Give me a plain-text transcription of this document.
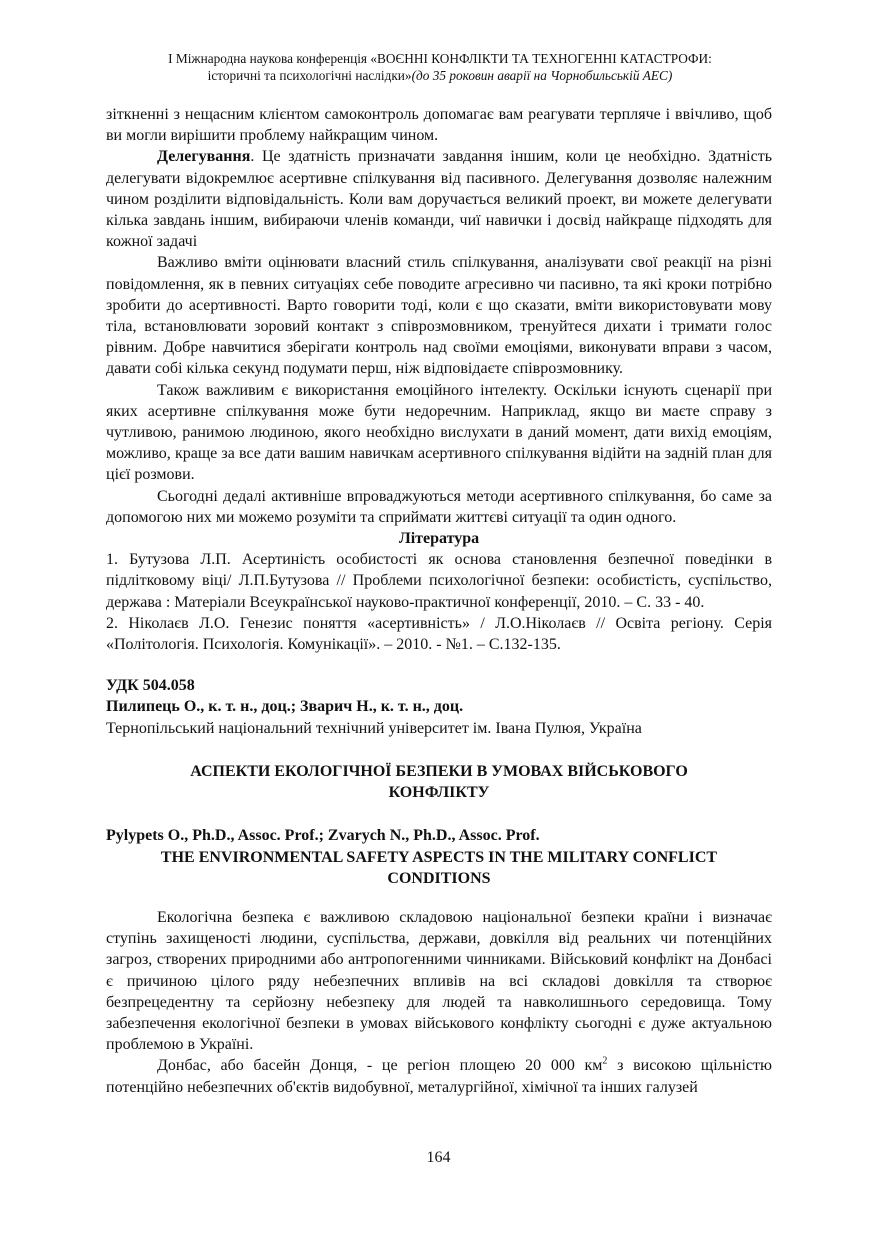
І Міжнародна наукова конференція «ВОЄННІ КОНФЛІКТИ ТА ТЕХНОГЕННІ КАТАСТРОФИ:
історичні та психологічні наслідки»(до 35 роковин аварії на Чорнобильській АЕС)

зіткненні з нещасним клієнтом самоконтроль допомагає вам реагувати терпляче і ввічливо, щоб ви могли вирішити проблему найкращим чином.

Делегування. Це здатність призначати завдання іншим, коли це необхідно. Здатність делегувати відокремлює асертивне спілкування від пасивного. Делегування дозволяє належним чином розділити відповідальність. Коли вам доручається великий проект, ви можете делегувати кілька завдань іншим, вибираючи членів команди, чиї навички і досвід найкраще підходять для кожної задачі

Важливо вміти оцінювати власний стиль спілкування, аналізувати свої реакції на різні повідомлення, як в певних ситуаціях себе поводите агресивно чи пасивно, та які кроки потрібно зробити до асертивності. Варто говорити тоді, коли є що сказати, вміти використовувати мову тіла, встановлювати зоровий контакт з співрозмовником, тренуйтеся дихати і тримати голос рівним. Добре навчитися зберігати контроль над своїми емоціями, виконувати вправи з часом, давати собі кілька секунд подумати перш, ніж відповідаєте співрозмовнику.

Також важливим є використання емоційного інтелекту. Оскільки існують сценарії при яких асертивне спілкування може бути недоречним. Наприклад, якщо ви маєте справу з чутливою, ранимою людиною, якого необхідно вислухати в даний момент, дати вихід емоціям, можливо, краще за все дати вашим навичкам асертивного спілкування відійти на задній план для цієї розмови.

Сьогодні дедалі активніше впроваджуються методи асертивного спілкування, бо саме за допомогою них ми можемо розуміти та сприймати життєві ситуації та один одного.

Література

1. Бутузова Л.П. Асертиність особистості як основа становлення безпечної поведінки в підлітковому віці/ Л.П.Бутузова // Проблеми психологічної безпеки: особистість, суспільство, держава : Матеріали Всеукраїнської науково-практичної конференції, 2010. – С. 33 - 40.

2. Ніколаєв Л.О. Генезис поняття «асертивність» / Л.О.Ніколаєв // Освіта регіону. Серія «Політологія. Психологія. Комунікації». – 2010. - №1. – С.132-135.

УДК 504.058

Пилипець О., к. т. н., доц.; Зварич Н., к. т. н., доц.

Тернопільський національний технічний університет ім. Івана Пулюя, Україна

АСПЕКТИ ЕКОЛОГІЧНОЇ БЕЗПЕКИ В УМОВАХ ВІЙСЬКОВОГО КОНФЛІКТУ

Pylypets O., Ph.D., Assoc. Prof.; Zvarych N., Ph.D., Assoc. Prof.

THE ENVIRONMENTAL SAFETY ASPECTS IN THE MILITARY CONFLICT CONDITIONS

Екологічна безпека є важливою складовою національної безпеки країни і визначає ступінь захищеності людини, суспільства, держави, довкілля від реальних чи потенційних загроз, створених природними або антропогенними чинниками. Військовий конфлікт на Донбасі є причиною цілого ряду небезпечних впливів на всі складові довкілля та створює безпрецедентну та серйозну небезпеку для людей та навколишнього середовища. Тому забезпечення екологічної безпеки в умовах військового конфлікту сьогодні є дуже актуальною проблемою в Україні.

Донбас, або басейн Донця, - це регіон площею 20 000 $км^2$ з високою щільністю потенційно небезпечних об'єктів видобувної, металургійної, хімічної та інших галузей

164
